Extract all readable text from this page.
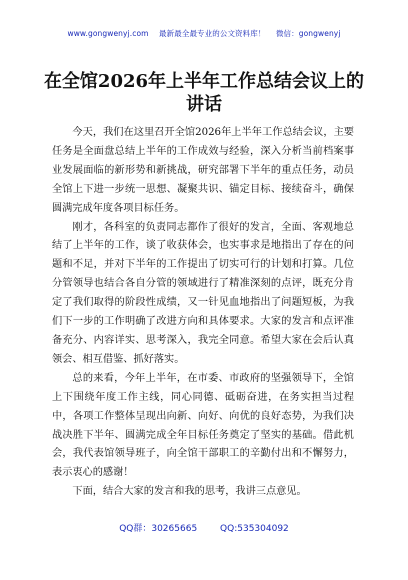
www.gongwenyj.com 最新最全最专业的公文资料库！ 微信：gongwenyj
在全馆2026年上半年工作总结会议上的讲话

今天，我们在这里召开全馆2026年上半年工作总结会议，主要任务是全面盘总结上半年的工作成效与经验，深入分析当前档案事业发展面临的新形势和新挑战，研究部署下半年的重点任务，动员全馆上下进一步统一思想、凝聚共识、锚定目标、接续奋斗，确保圆满完成年度各项目标任务。

刚才，各科室的负责同志都作了很好的发言，全面、客观地总结了上半年的工作，谈了收获体会，也实事求是地指出了存在的问题和不足，并对下半年的工作提出了切实可行的计划和打算。几位分管领导也结合各自分管的领域进行了精准深刻的点评，既充分肯定了我们取得的阶段性成绩，又一针见血地指出了问题短板，为我们下一步的工作明确了改进方向和具体要求。大家的发言和点评准备充分、内容详实、思考深入，我完全同意。希望大家在会后认真领会、相互借鉴、抓好落实。

总的来看，今年上半年，在市委、市政府的坚强领导下，全馆上下围绕年度工作主线，同心同德、砥砺奋进，在务实担当过程中，各项工作整体呈现出向新、向好、向优的良好态势，为我们决战决胜下半年、圆满完成全年目标任务奠定了坚实的基础。借此机会，我代表馆领导班子，向全馆干部职工的辛勤付出和不懈努力，表示衷心的感谢！

下面，结合大家的发言和我的思考，我讲三点意见。

QQ群：30265665	QQ:535304092
